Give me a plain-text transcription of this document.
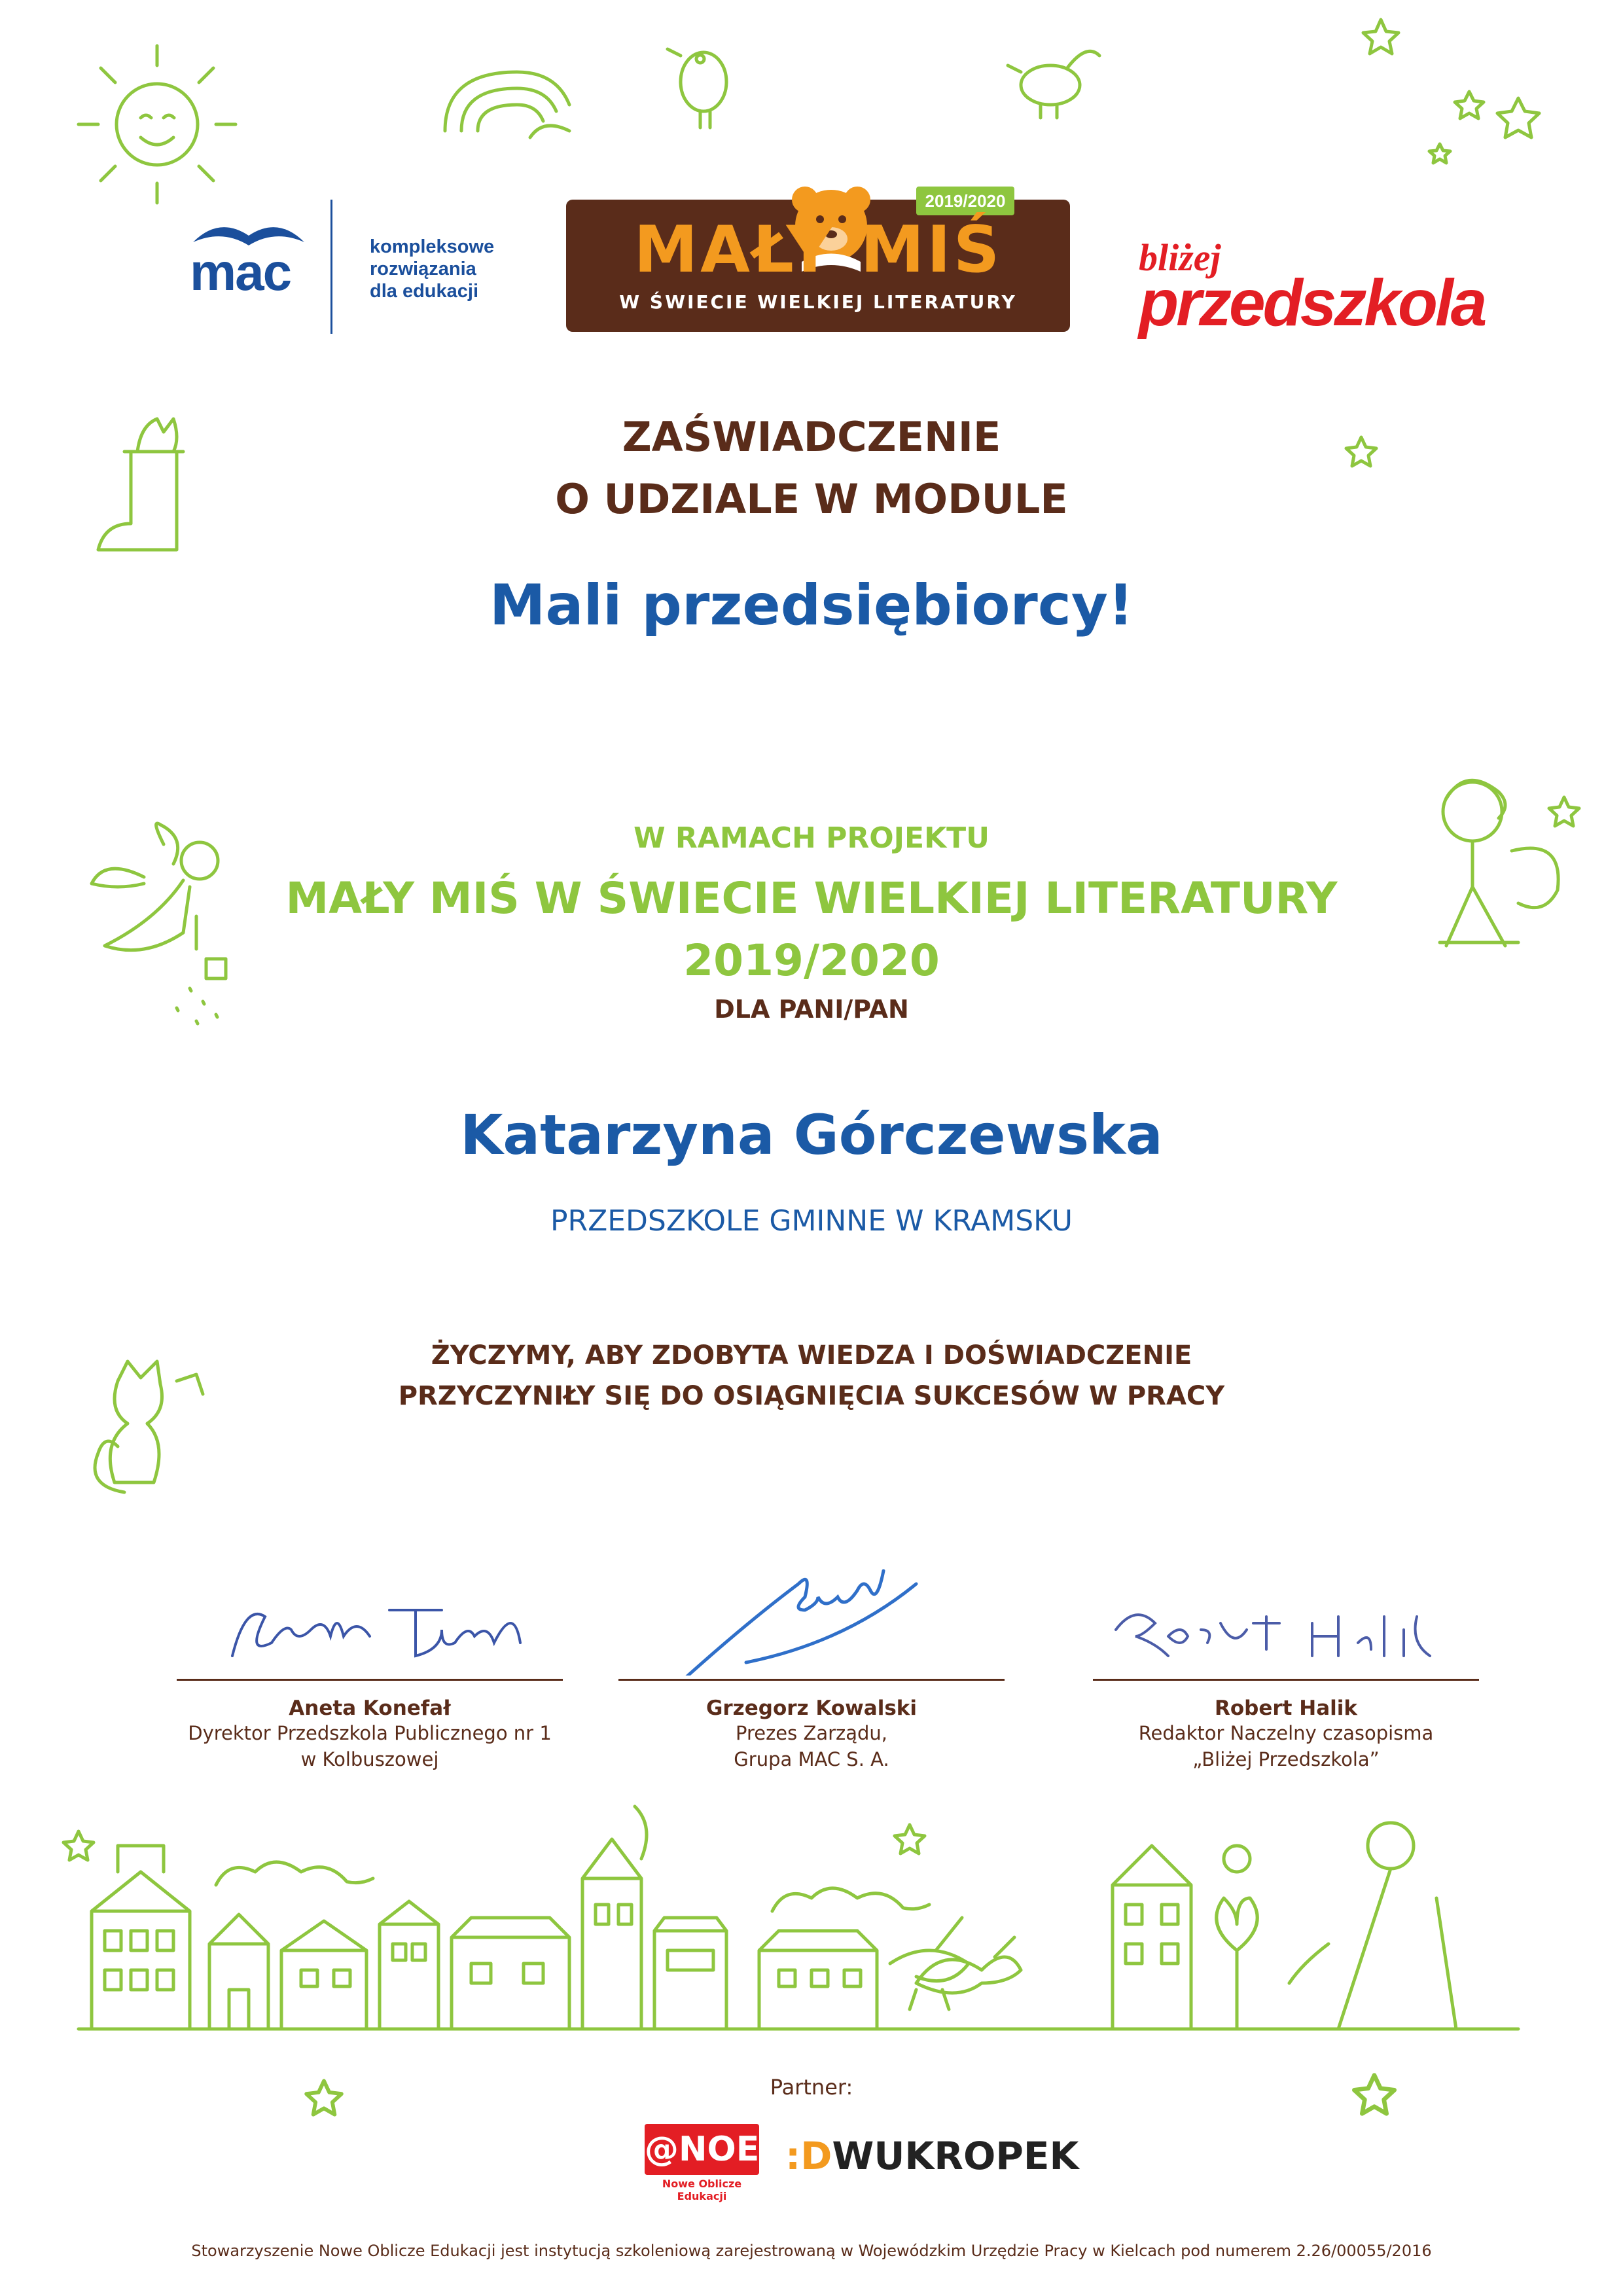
mac	kompleksowe
rozwiązania
dla edukacji
2019/2020
MAŁY MIŚ
W ŚWIECIE WIELKIEJ LITERATURY
bliżej
przedszkola
ZAŚWIADCZENIE
O UDZIALE W MODULE
Mali przedsiębiorcy!
W RAMACH PROJEKTU
MAŁY MIŚ W ŚWIECIE WIELKIEJ LITERATURY
2019/2020
DLA PANI/PAN
Katarzyna Górczewska
PRZEDSZKOLE GMINNE W KRAMSKU
ŻYCZYMY, ABY ZDOBYTA WIEDZA I DOŚWIADCZENIE
PRZYCZYNIŁY SIĘ DO OSIĄGNIĘCIA SUKCESÓW W PRACY
Aneta Konefał
Dyrektor Przedszkola Publicznego nr 1
w Kolbuszowej
Grzegorz Kowalski
Prezes Zarządu,
Grupa MAC S. A.
Robert Halik
Redaktor Naczelny czasopisma
„Bliżej Przedszkola”
Partner:
@NOE
Nowe Oblicze Edukacji
:DWUKROPEK
Stowarzyszenie Nowe Oblicze Edukacji jest instytucją szkoleniową zarejestrowaną w Wojewódzkim Urzędzie Pracy w Kielcach pod numerem 2.26/00055/2016
